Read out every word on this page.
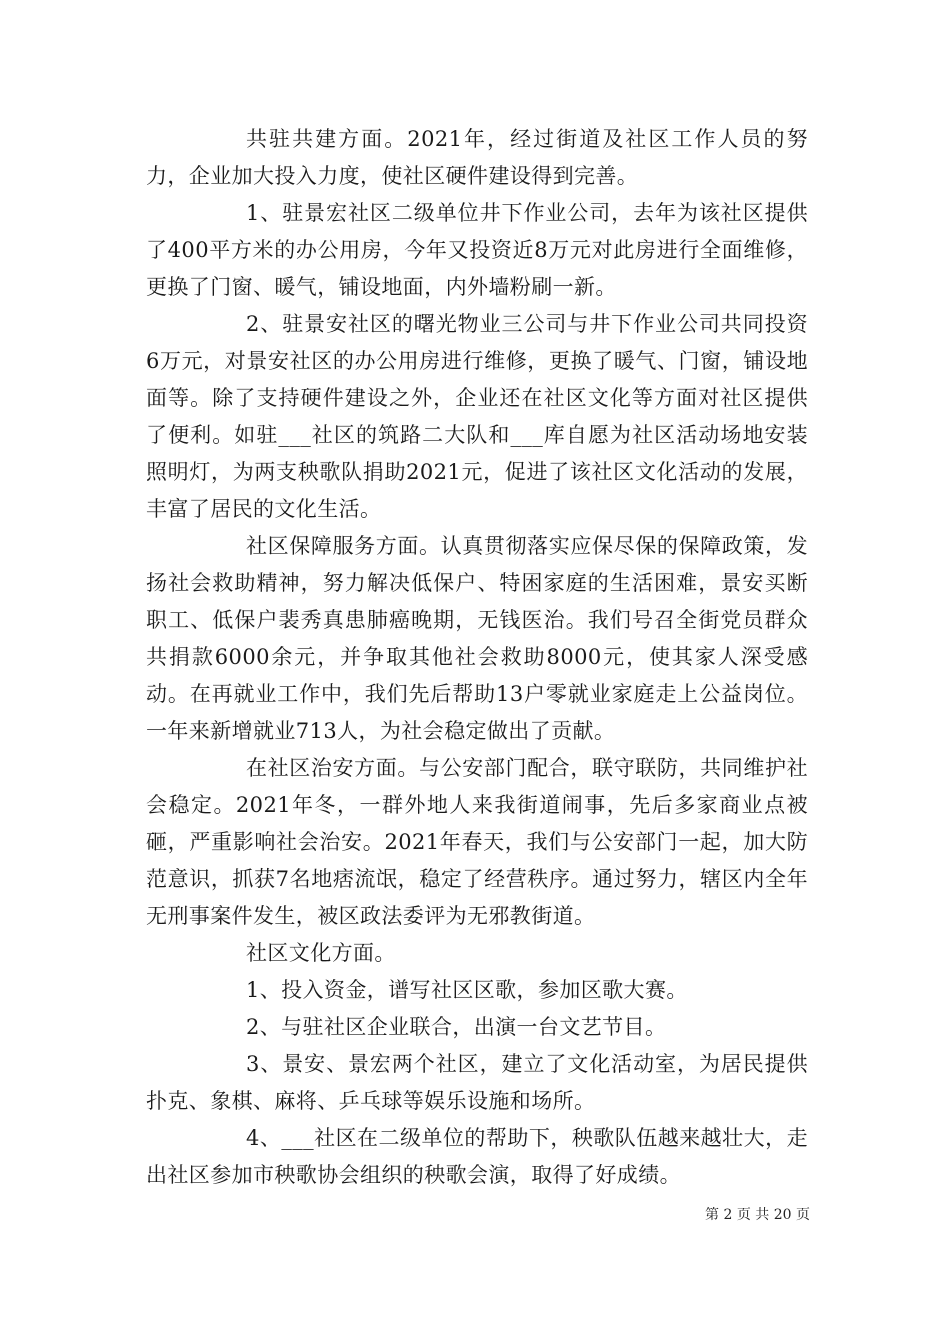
共驻共建方面。2021年，经过街道及社区工作人员的努力，企业加大投入力度，使社区硬件建设得到完善。

1、驻景宏社区二级单位井下作业公司，去年为该社区提供了400平方米的办公用房，今年又投资近8万元对此房进行全面维修，更换了门窗、暖气，铺设地面，内外墙粉刷一新。

2、驻景安社区的曙光物业三公司与井下作业公司共同投资6万元，对景安社区的办公用房进行维修，更换了暖气、门窗，铺设地面等。除了支持硬件建设之外，企业还在社区文化等方面对社区提供了便利。如驻___社区的筑路二大队和___库自愿为社区活动场地安装照明灯，为两支秧歌队捐助2021元，促进了该社区文化活动的发展，丰富了居民的文化生活。

社区保障服务方面。认真贯彻落实应保尽保的保障政策，发扬社会救助精神，努力解决低保户、特困家庭的生活困难，景安买断职工、低保户裴秀真患肺癌晚期，无钱医治。我们号召全街党员群众共捐款6000余元，并争取其他社会救助8000元，使其家人深受感动。在再就业工作中，我们先后帮助13户零就业家庭走上公益岗位。一年来新增就业713人，为社会稳定做出了贡献。

在社区治安方面。与公安部门配合，联守联防，共同维护社会稳定。2021年冬，一群外地人来我街道闹事，先后多家商业点被砸，严重影响社会治安。2021年春天，我们与公安部门一起，加大防范意识，抓获7名地痞流氓，稳定了经营秩序。通过努力，辖区内全年无刑事案件发生，被区政法委评为无邪教街道。

社区文化方面。

1、投入资金，谱写社区区歌，参加区歌大赛。

2、与驻社区企业联合，出演一台文艺节目。

3、景安、景宏两个社区，建立了文化活动室，为居民提供扑克、象棋、麻将、乒乓球等娱乐设施和场所。

4、___社区在二级单位的帮助下，秧歌队伍越来越壮大，走出社区参加市秧歌协会组织的秧歌会演，取得了好成绩。

第 2 页 共 20 页
